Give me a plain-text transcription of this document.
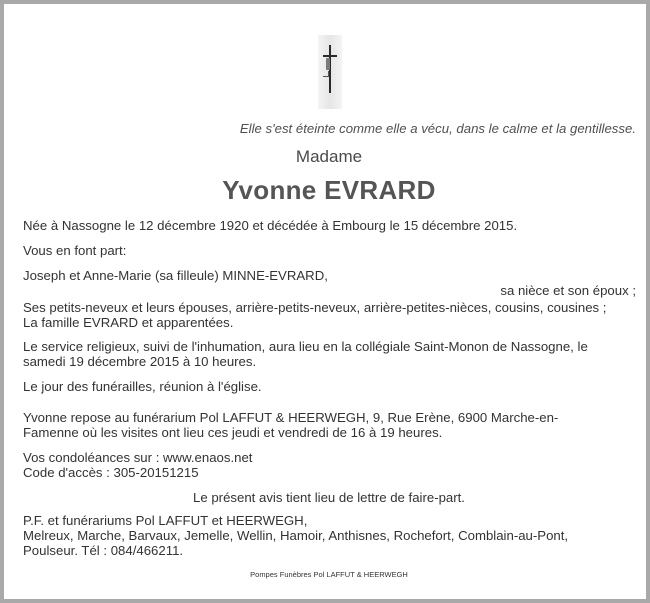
Elle s'est éteinte comme elle a vécu, dans le calme et la gentillesse.

Madame

Yvonne EVRARD

Née à Nassogne le 12 décembre 1920 et décédée à Embourg le 15 décembre 2015.

Vous en font part:

Joseph et Anne-Marie (sa filleule) MINNE-EVRARD,

sa nièce et son époux ;

Ses petits-neveux et leurs épouses, arrière-petits-neveux, arrière-petites-nièces, cousins, cousines ;

La famille EVRARD et apparentées.

Le service religieux, suivi de l'inhumation, aura lieu en la collégiale Saint-Monon de Nassogne, le

samedi 19 décembre 2015 à 10 heures.

Le jour des funérailles, réunion à l'église.

Yvonne repose au funérarium Pol LAFFUT & HEERWEGH, 9, Rue Erène, 6900 Marche-en-

Famenne où les visites ont lieu ces jeudi et vendredi de 16 à 19 heures.

Vos condoléances sur : www.enaos.net

Code d'accès : 305-20151215

Le présent avis tient lieu de lettre de faire-part.

P.F. et funérariums Pol LAFFUT et HEERWEGH,

Melreux, Marche, Barvaux, Jemelle, Wellin, Hamoir, Anthisnes, Rochefort, Comblain-au-Pont,

Poulseur. Tél : 084/466211.

Pompes Funèbres Pol LAFFUT & HEERWEGH
